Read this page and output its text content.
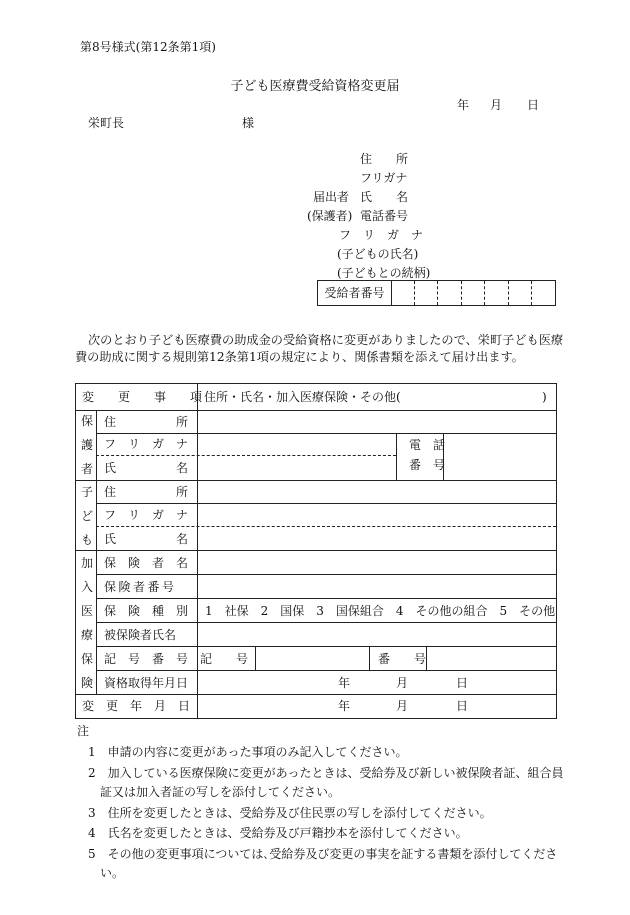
第8号様式(第12条第1項)
子ども医療費受給資格変更届
年 月 日
栄町長	様
住　　所
フリガナ
届出者 氏　　名
(保護者) 電話番号
フ　リ　ガ　ナ
(子どもの氏名)
(子どもとの続柄)
受給者番号
次のとおり子ども医療費の助成金の受給資格に変更がありましたので、栄町子ども医療
費の助成に関する規則第12条第1項の規定により、関係書類を添えて届け出ます。
変　　更　　事　　項 住所・氏名・加入医療保険・その他(	)
保
護
者
住　　　　　所
フ　リ　ガ　ナ
氏　　　　　名
電　話
番　号
子
ど
も
住　　　　　所
フ　リ　ガ　ナ
氏　　　　　名
加
入
医
療
保
険
保　険　者　名
保険者番号
保　険　種　別 1　社保　2　国保　3　国保組合　4　その他の組合　5　その他
被保険者氏名
記　号　番　号 記　　号	番　　号
資格取得年月日	年	月	日
変　更　年　月　日	年	月	日
注
1　申請の内容に変更があった事項のみ記入してください。
2　加入している医療保険に変更があったときは、受給券及び新しい被保険者証、組合員
証又は加入者証の写しを添付してください。
3　住所を変更したときは、受給券及び住民票の写しを添付してください。
4　氏名を変更したときは、受給券及び戸籍抄本を添付してください。
5　その他の変更事項については､受給券及び変更の事実を証する書類を添付してくださ
い。
